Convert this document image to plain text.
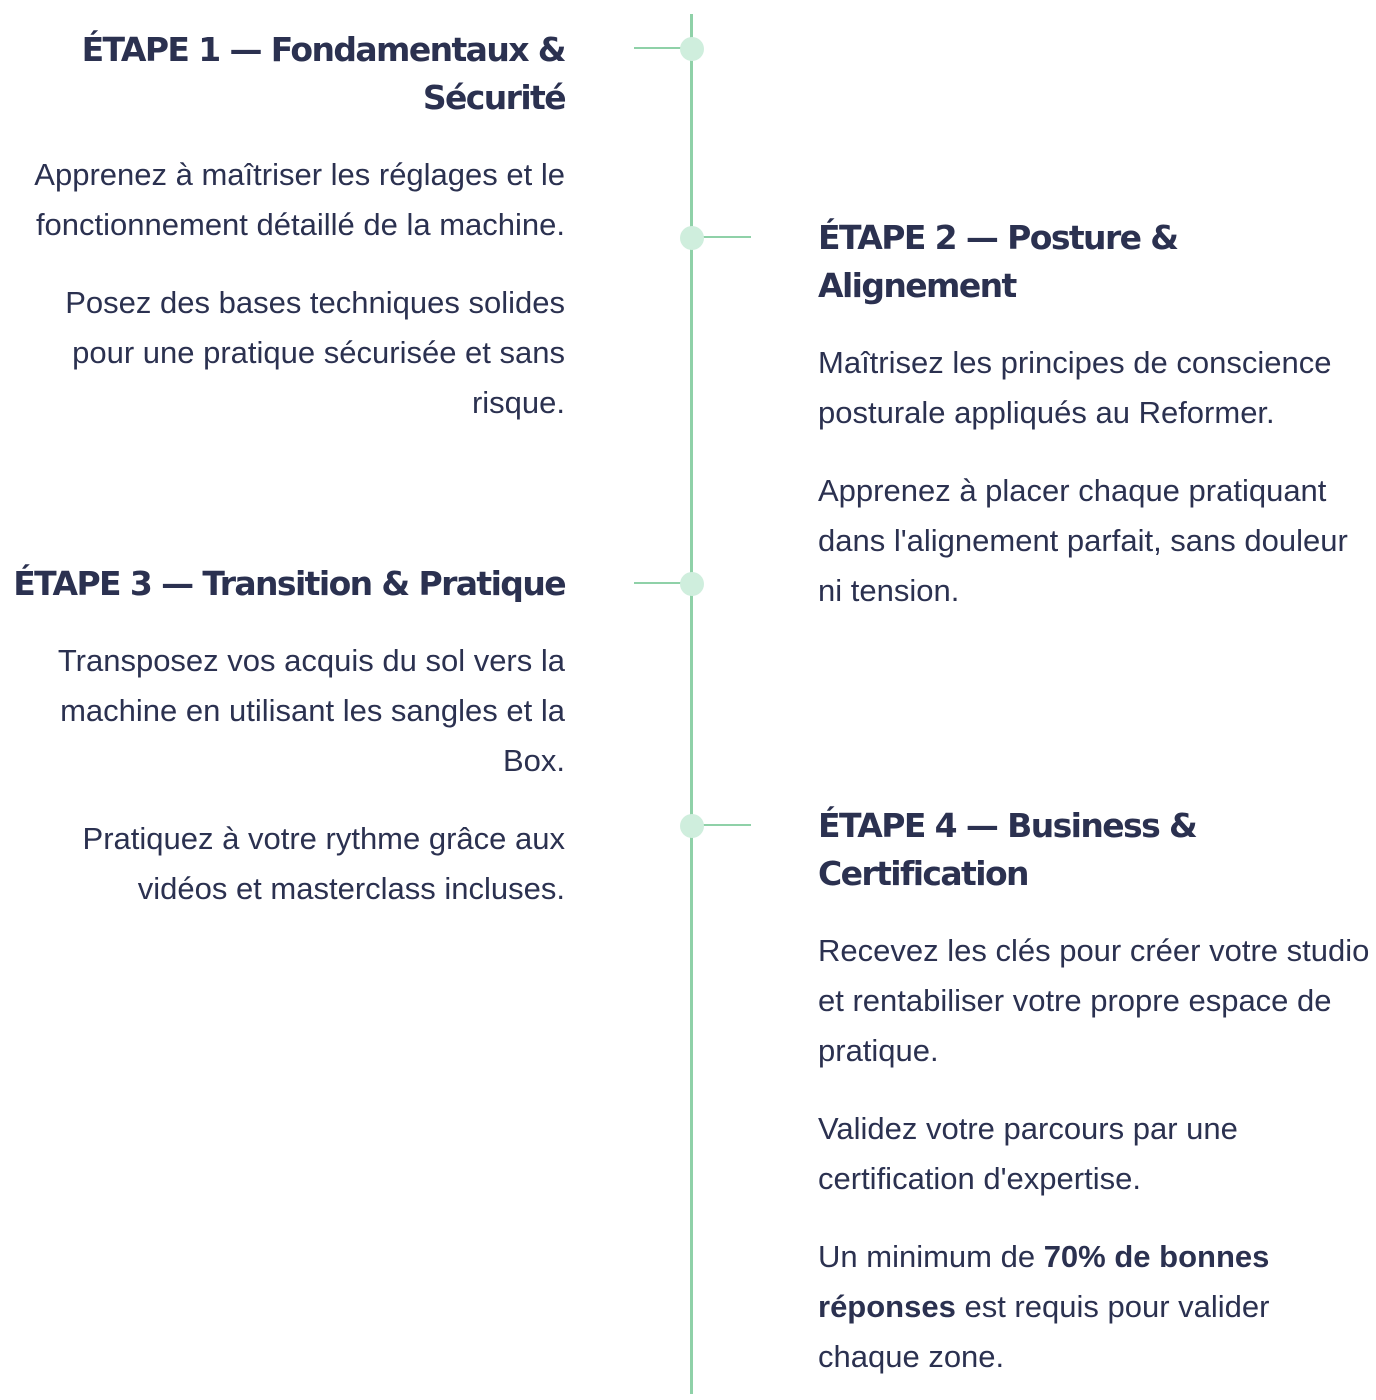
ÉTAPE 1 — Fondamentaux & Sécurité

Apprenez à maîtriser les réglages et le fonctionnement détaillé de la machine.

Posez des bases techniques solides pour une pratique sécurisée et sans risque.

ÉTAPE 2 — Posture & Alignement

Maîtrisez les principes de conscience posturale appliqués au Reformer.

Apprenez à placer chaque pratiquant dans l'alignement parfait, sans douleur ni tension.

ÉTAPE 3 — Transition & Pratique

Transposez vos acquis du sol vers la machine en utilisant les sangles et la Box.

Pratiquez à votre rythme grâce aux vidéos et masterclass incluses.

ÉTAPE 4 — Business & Certification

Recevez les clés pour créer votre studio et rentabiliser votre propre espace de pratique.

Validez votre parcours par une certification d'expertise.

Un minimum de 70% de bonnes réponses est requis pour valider chaque zone.
